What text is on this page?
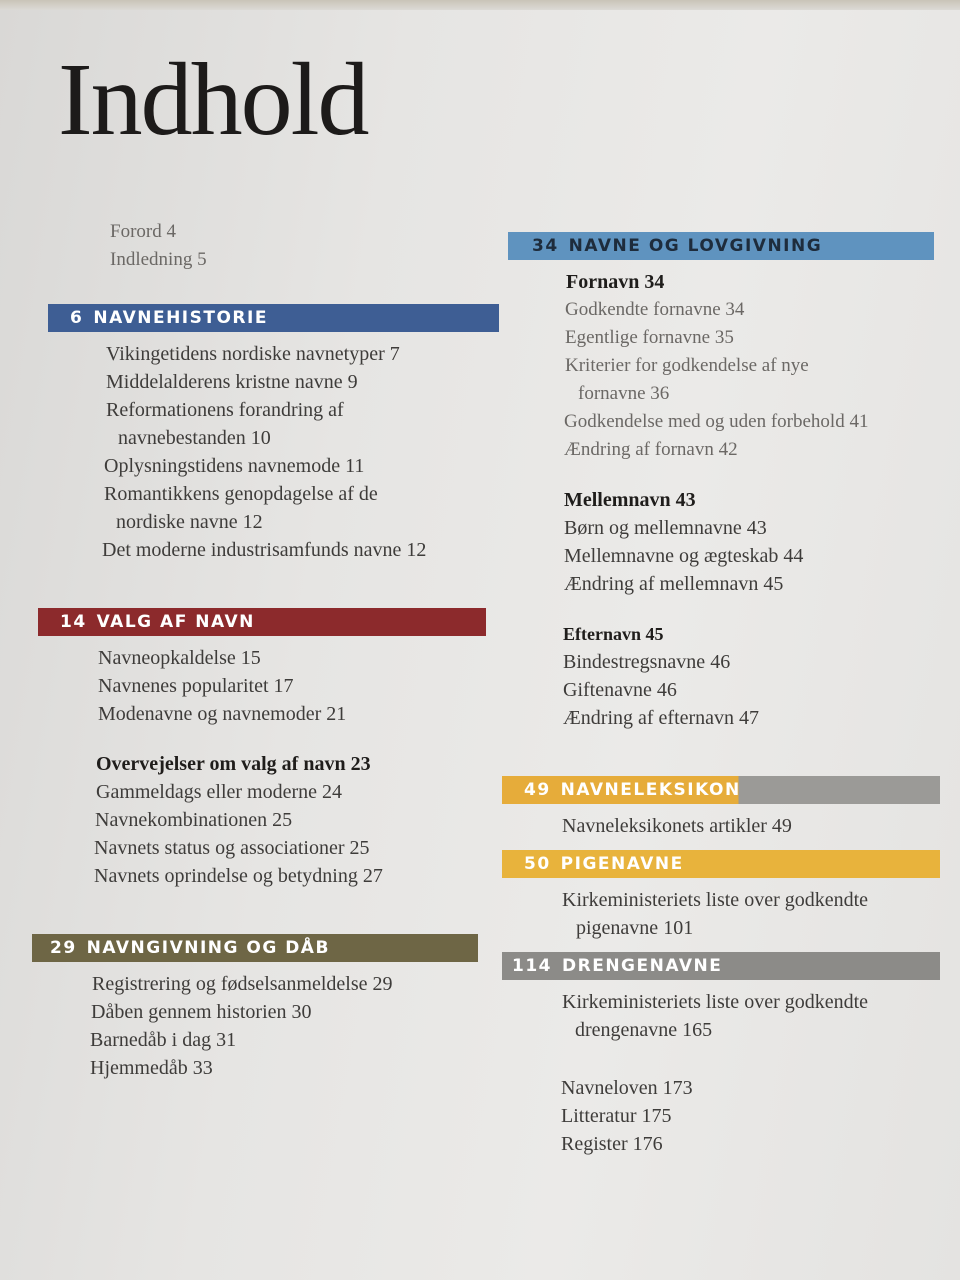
Indhold
Forord 4
Indledning 5
6 NAVNEHISTORIE
Vikingetidens nordiske navnetyper 7
Middelalderens kristne navne 9
Reformationens forandring af
navnebestanden 10
Oplysningstidens navnemode 11
Romantikkens genopdagelse af de
nordiske navne 12
Det moderne industrisamfunds navne 12
14 VALG AF NAVN
Navneopkaldelse 15
Navnenes popularitet 17
Modenavne og navnemoder 21
Overvejelser om valg af navn 23
Gammeldags eller moderne 24
Navnekombinationen 25
Navnets status og associationer 25
Navnets oprindelse og betydning 27
29 NAVNGIVNING OG DÅB
Registrering og fødselsanmeldelse 29
Dåben gennem historien 30
Barnedåb i dag 31
Hjemmedåb 33
34 NAVNE OG LOVGIVNING
Fornavn 34
Godkendte fornavne 34
Egentlige fornavne 35
Kriterier for godkendelse af nye
fornavne 36
Godkendelse med og uden forbehold 41
Ændring af fornavn 42
Mellemnavn 43
Børn og mellemnavne 43
Mellemnavne og ægteskab 44
Ændring af mellemnavn 45
Efternavn 45
Bindestregsnavne 46
Giftenavne 46
Ændring af efternavn 47
49 NAVNELEKSIKON
Navneleksikonets artikler 49
50 PIGENAVNE
Kirkeministeriets liste over godkendte
pigenavne 101
114 DRENGENAVNE
Kirkeministeriets liste over godkendte
drengenavne 165
Navneloven 173
Litteratur 175
Register 176
